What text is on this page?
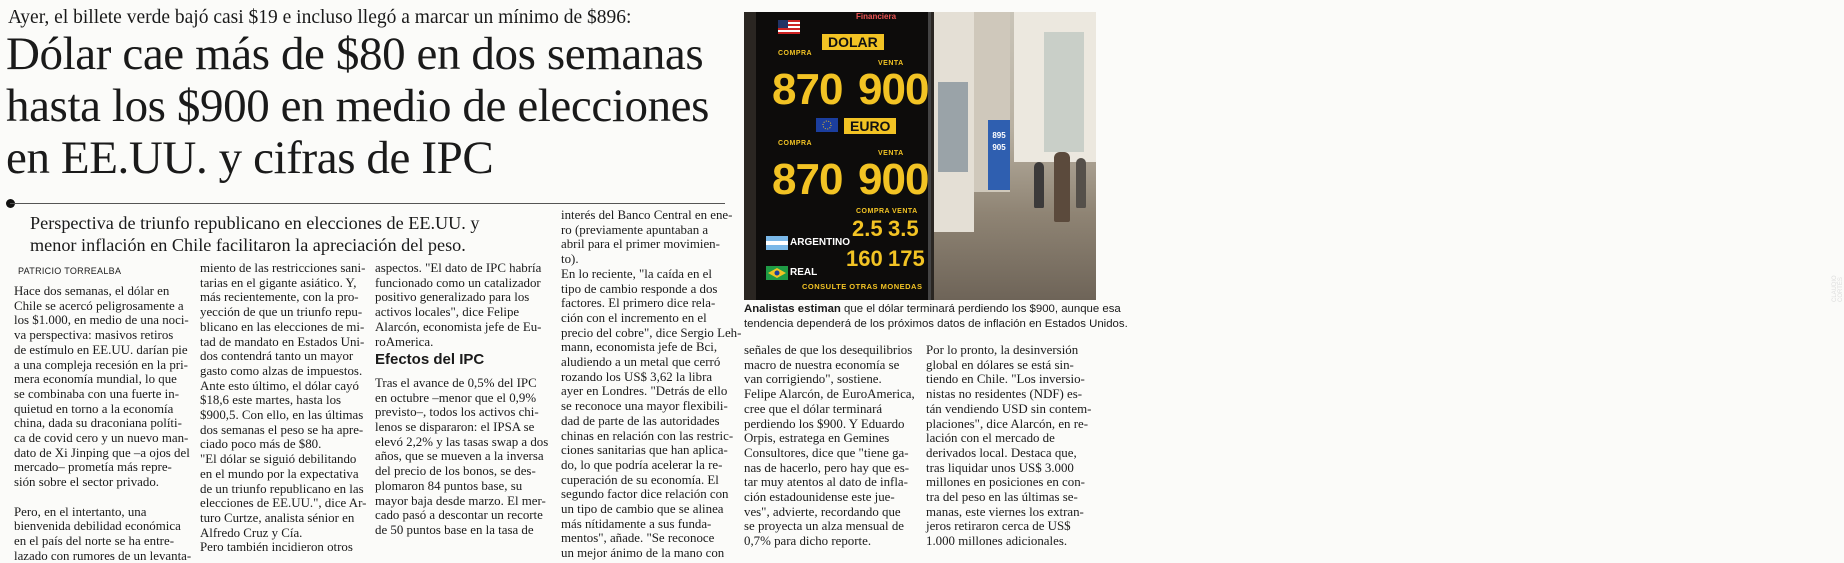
Ayer, el billete verde bajó casi $19 e incluso llegó a marcar un mínimo de $896:
Dólar cae más de $80 en dos semanas
hasta los $900 en medio de elecciones
en EE.UU. y cifras de IPC
Perspectiva de triunfo republicano en elecciones de EE.UU. y
menor inflación en Chile facilitaron la apreciación del peso.
PATRICIO TORREALBA
Hace dos semanas, el dólar en
Chile se acercó peligrosamente a
los $1.000, en medio de una noci-
va perspectiva: masivos retiros
de estímulo en EE.UU. darían pie
a una compleja recesión en la pri-
mera economía mundial, lo que
se combinaba con una fuerte in-
quietud en torno a la economía
china, dada su draconiana políti-
ca de covid cero y un nuevo man-
dato de Xi Jinping que –a ojos del
mercado– prometía más repre-
sión sobre el sector privado.

Pero, en el intertanto, una
bienvenida debilidad económica
en el país del norte se ha entre-
lazado con rumores de un levanta-
miento de las restricciones sani-
tarias en el gigante asiático. Y,
más recientemente, con la pro-
yección de que un triunfo repu-
blicano en las elecciones de mi-
tad de mandato en Estados Uni-
dos contendrá tanto un mayor
gasto como alzas de impuestos.
Ante esto último, el dólar cayó
$18,6 este martes, hasta los
$900,5. Con ello, en las últimas
dos semanas el peso se ha apre-
ciado poco más de $80.
"El dólar se siguió debilitando
en el mundo por la expectativa
de un triunfo republicano en las
elecciones de EE.UU.", dice Ar-
turo Curtze, analista sénior en
Alfredo Cruz y Cía.
Pero también incidieron otros
aspectos. "El dato de IPC habría
funcionado como un catalizador
positivo generalizado para los
activos locales", dice Felipe
Alarcón, economista jefe de Eu-
roAmerica.
Efectos del IPC
Tras el avance de 0,5% del IPC
en octubre –menor que el 0,9%
previsto–, todos los activos chi-
lenos se dispararon: el IPSA se
elevó 2,2% y las tasas swap a dos
años, que se mueven a la inversa
del precio de los bonos, se des-
plomaron 84 puntos base, su
mayor baja desde marzo. El mer-
cado pasó a descontar un recorte
de 50 puntos base en la tasa de
interés del Banco Central en ene-
ro (previamente apuntaban a
abril para el primer movimien-
to).
En lo reciente, "la caída en el
tipo de cambio responde a dos
factores. El primero dice rela-
ción con el incremento en el
precio del cobre", dice Sergio Leh-
mann, economista jefe de Bci,
aludiendo a un metal que cerró
rozando los US$ 3,62 la libra
ayer en Londres. "Detrás de ello
se reconoce una mayor flexibili-
dad de parte de las autoridades
chinas en relación con las restric-
ciones sanitarias que han aplica-
do, lo que podría acelerar la re-
cuperación de su economía. El
segundo factor dice relación con
un tipo de cambio que se alinea
más nítidamente a sus funda-
mentos", añade. "Se reconoce
un mejor ánimo de la mano con
señales de que los desequilibrios
macro de nuestra economía se
van corrigiendo", sostiene.
Felipe Alarcón, de EuroAmerica,
cree que el dólar terminará
perdiendo los $900. Y Eduardo
Orpis, estratega en Gemines
Consultores, dice que "tiene ga-
nas de hacerlo, pero hay que es-
tar muy atentos al dato de infla-
ción estadounidense este jue-
ves", advierte, recordando que
se proyecta un alza mensual de
0,7% para dicho reporte.
Por lo pronto, la desinversión
global en dólares se está sin-
tiendo en Chile. "Los inversio-
nistas no residentes (NDF) es-
tán vendiendo USD sin contem-
placiones", dice Alarcón, en re-
lación con el mercado de
derivados local. Destaca que,
tras liquidar unos US$ 3.000
millones en posiciones en con-
tra del peso en las últimas se-
manas, este viernes los extran-
jeros retiraron cerca de US$
1.000 millones adicionales.
Financiera
DOLAR
COMPRA
VENTA
870 900
EURO
COMPRA
VENTA
870 900
COMPRA VENTA
ARGENTINO
2.5 3.5
REAL
160 175
CONSULTE OTRAS MONEDAS
895
905
CLAUDIO CORTÉS
Analistas estiman que el dólar terminará perdiendo los $900, aunque esa
tendencia dependerá de los próximos datos de inflación en Estados Unidos.
